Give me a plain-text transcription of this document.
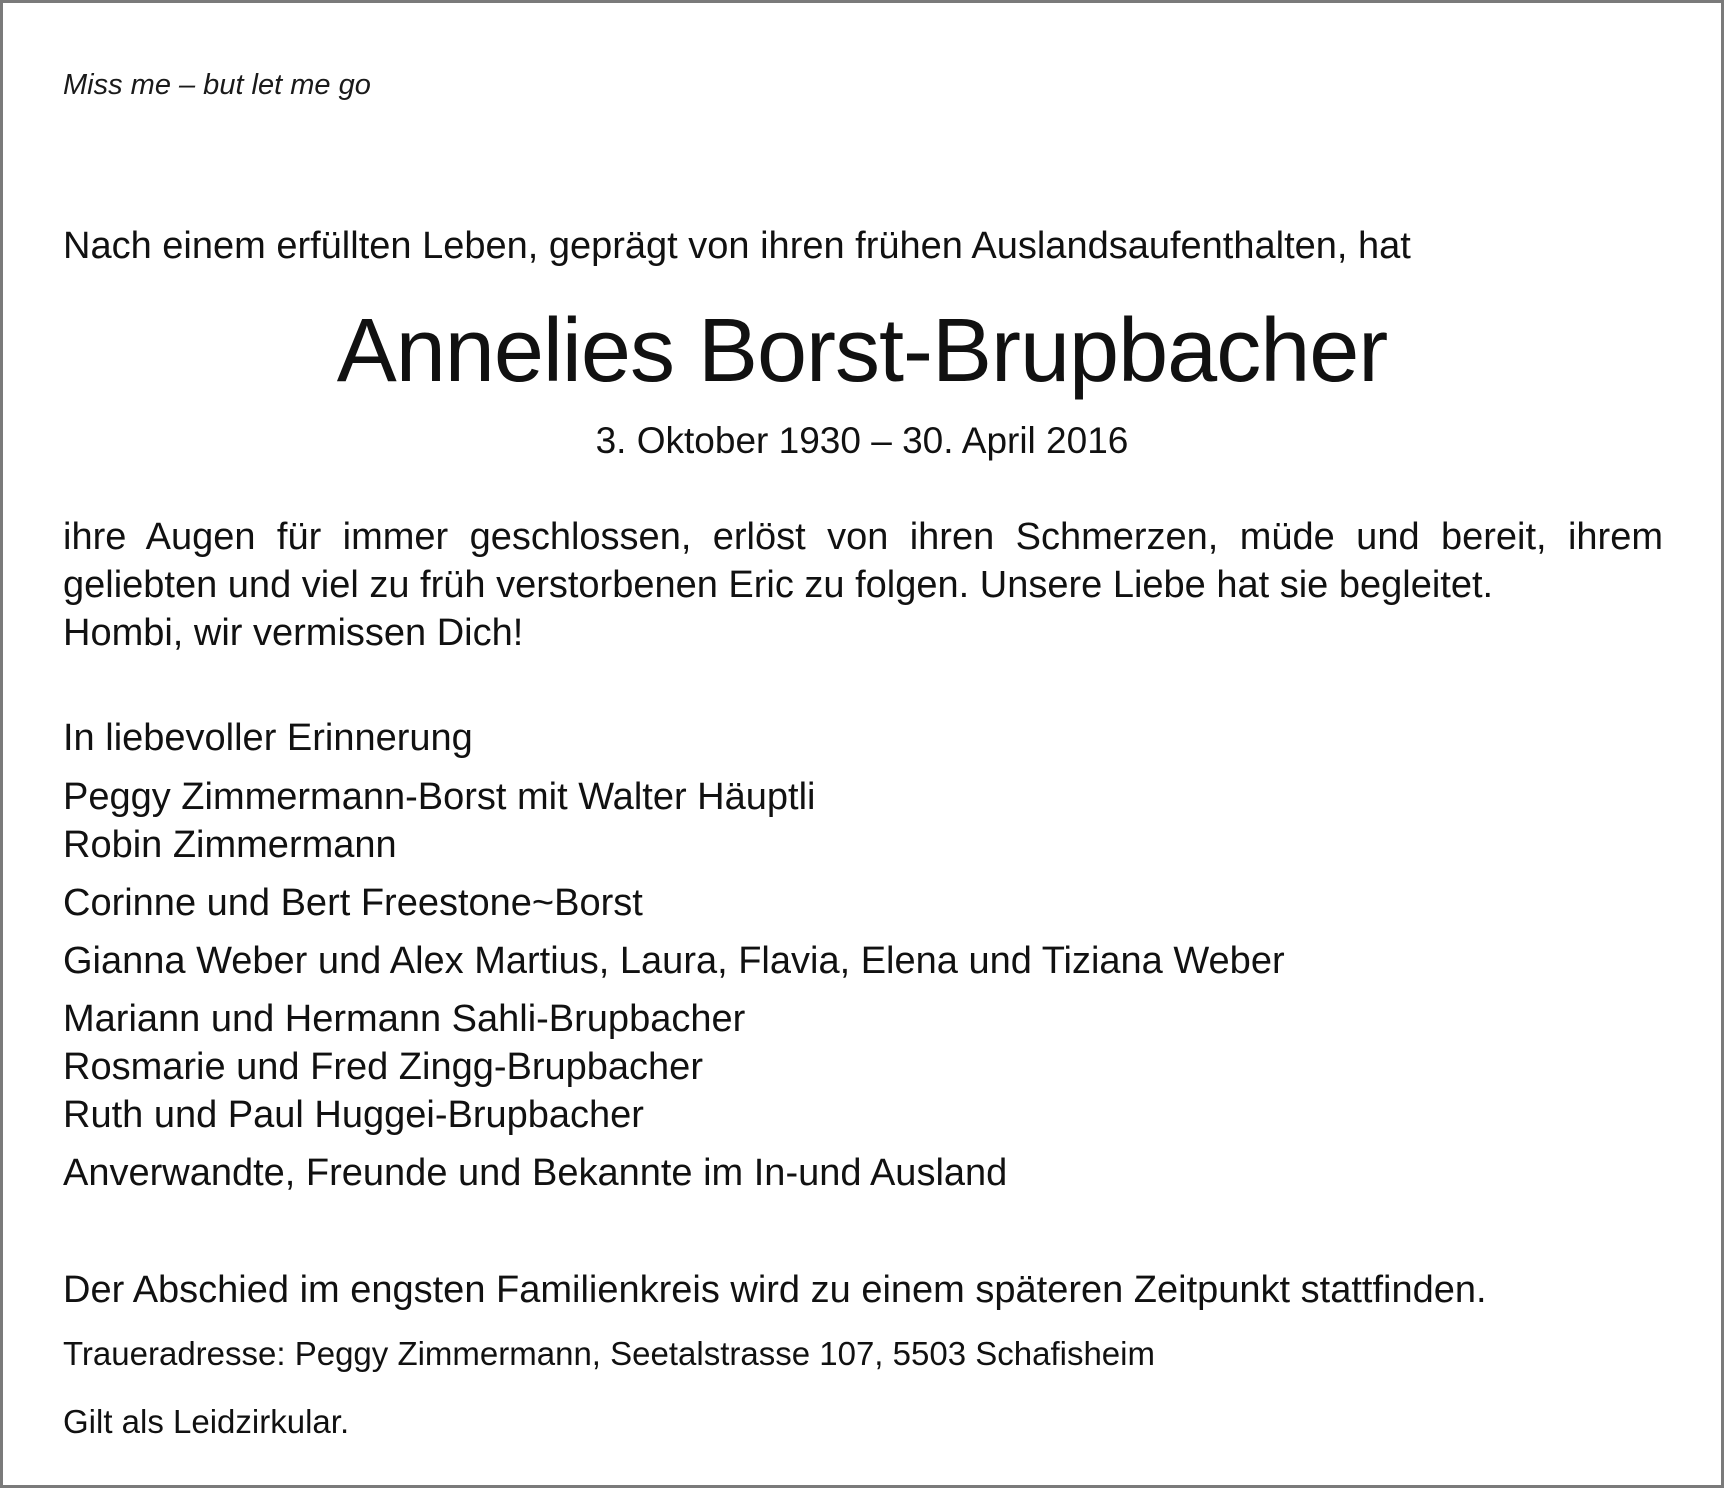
Miss me – but let me go

Nach einem erfüllten Leben, geprägt von ihren frühen Auslandsaufenthalten, hat

Annelies Borst-Brupbacher

3. Oktober 1930 – 30. April 2016

ihre Augen für immer geschlossen, erlöst von ihren Schmerzen, müde und bereit, ihrem
geliebten und viel zu früh verstorbenen Eric zu folgen. Unsere Liebe hat sie begleitet.
Hombi, wir vermissen Dich!

In liebevoller Erinnerung

Peggy Zimmermann-Borst mit Walter Häuptli
Robin Zimmermann
Corinne und Bert Freestone~Borst
Gianna Weber und Alex Martius, Laura, Flavia, Elena und Tiziana Weber
Mariann und Hermann Sahli-Brupbacher
Rosmarie und Fred Zingg-Brupbacher
Ruth und Paul Huggei-Brupbacher
Anverwandte, Freunde und Bekannte im In-und Ausland

Der Abschied im engsten Familienkreis wird zu einem späteren Zeitpunkt stattfinden.

Traueradresse: Peggy Zimmermann, Seetalstrasse 107, 5503 Schafisheim

Gilt als Leidzirkular.
